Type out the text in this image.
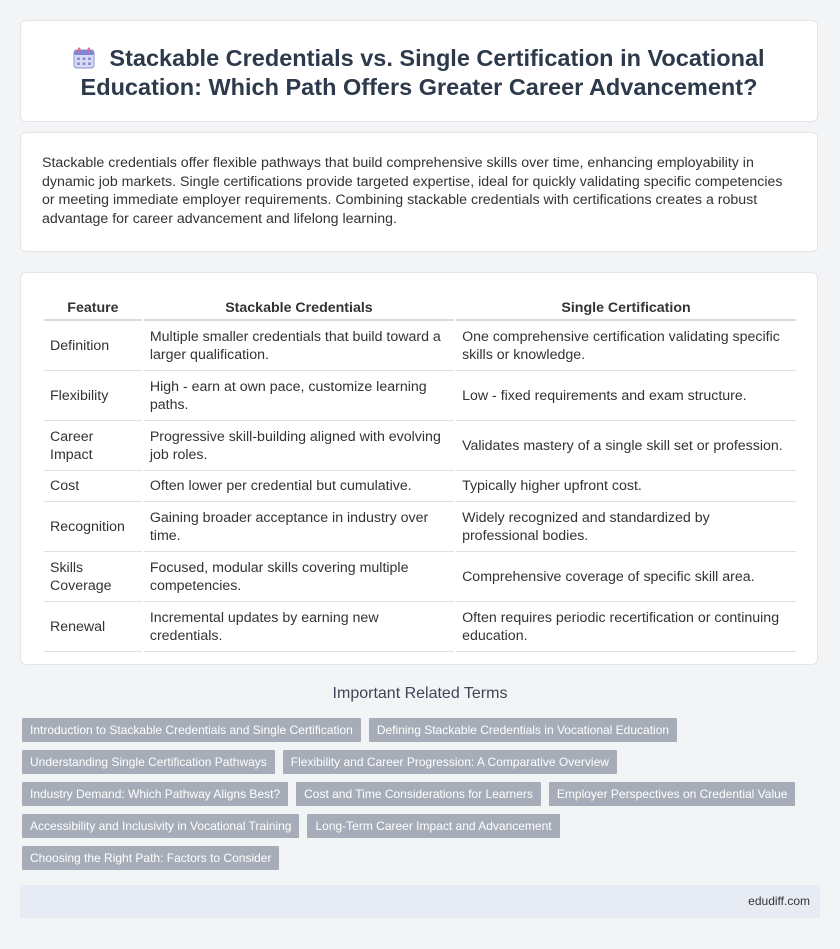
Stackable Credentials vs. Single Certification in Vocational Education: Which Path Offers Greater Career Advancement?

Stackable credentials offer flexible pathways that build comprehensive skills over time, enhancing employability in dynamic job markets. Single certifications provide targeted expertise, ideal for quickly validating specific competencies or meeting immediate employer requirements. Combining stackable credentials with certifications creates a robust advantage for career advancement and lifelong learning.

Feature	Stackable Credentials	Single Certification
Definition	Multiple smaller credentials that build toward a larger qualification.	One comprehensive certification validating specific skills or knowledge.
Flexibility	High - earn at own pace, customize learning paths.	Low - fixed requirements and exam structure.
Career Impact	Progressive skill-building aligned with evolving job roles.	Validates mastery of a single skill set or profession.
Cost	Often lower per credential but cumulative.	Typically higher upfront cost.
Recognition	Gaining broader acceptance in industry over time.	Widely recognized and standardized by professional bodies.
Skills Coverage	Focused, modular skills covering multiple competencies.	Comprehensive coverage of specific skill area.
Renewal	Incremental updates by earning new credentials.	Often requires periodic recertification or continuing education.
Important Related Terms
Introduction to Stackable Credentials and Single Certification	Defining Stackable Credentials in Vocational Education
Understanding Single Certification Pathways	Flexibility and Career Progression: A Comparative Overview
Industry Demand: Which Pathway Aligns Best?	Cost and Time Considerations for Learners	Employer Perspectives on Credential Value
Accessibility and Inclusivity in Vocational Training	Long-Term Career Impact and Advancement
Choosing the Right Path: Factors to Consider
edudiff.com
